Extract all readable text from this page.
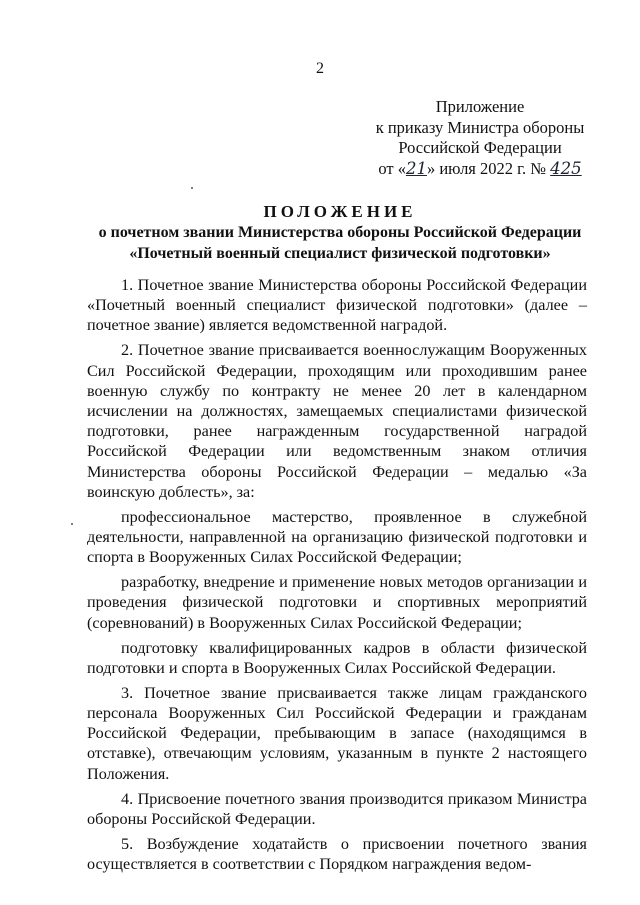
2
Приложение
к приказу Министра обороны
Российской Федерации
от «21» июля 2022 г. № 425
ПОЛОЖЕНИЕ
о почетном звании Министерства обороны Российской Федерации
«Почетный военный специалист физической подготовки»

1. Почетное звание Министерства обороны Российской Федерации «Почетный военный специалист физической подготовки» (далее – почетное звание) является ведомственной наградой.

2. Почетное звание присваивается военнослужащим Вооруженных Сил Российской Федерации, проходящим или проходившим ранее военную службу по контракту не менее 20 лет в календарном исчислении на должностях, замещаемых специалистами физической подготовки, ранее награжденным государственной наградой Российской Федерации или ведомственным знаком отличия Министерства обороны Российской Федерации – медалью «За воинскую доблесть», за:

профессиональное мастерство, проявленное в служебной деятельности, направленной на организацию физической подготовки и спорта в Вооруженных Силах Российской Федерации;

разработку, внедрение и применение новых методов организации и проведения физической подготовки и спортивных мероприятий (соревнований) в Вооруженных Силах Российской Федерации;

подготовку квалифицированных кадров в области физической подготовки и спорта в Вооруженных Силах Российской Федерации.

3. Почетное звание присваивается также лицам гражданского персонала Вооруженных Сил Российской Федерации и гражданам Российской Федерации, пребывающим в запасе (находящимся в отставке), отвечающим условиям, указанным в пункте 2 настоящего Положения.

4. Присвоение почетного звания производится приказом Министра обороны Российской Федерации.

5. Возбуждение ходатайств о присвоении почетного звания осуществляется в соответствии с Порядком награждения ведом-
